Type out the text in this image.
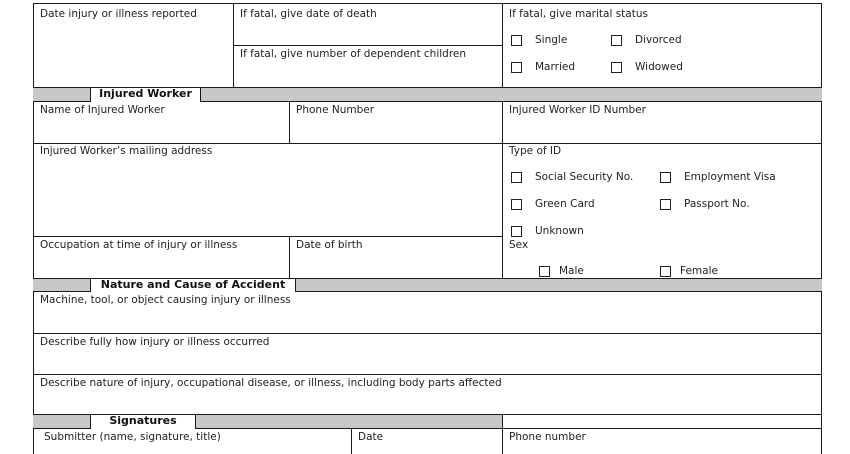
Date injury or illness reported	If fatal, give date of death
If fatal, give number of dependent children
If fatal, give marital status
Single	Divorced
Married	Widowed
Injured Worker
Name of Injured Worker	Phone Number	Injured Worker ID Number
Injured Worker’s mailing address	Type of ID
Social Security No.	Employment Visa
Green Card	Passport No.
Unknown
Occupation at time of injury or illness	Date of birth	Sex
Male	Female
Nature and Cause of Accident
Machine, tool, or object causing injury or illness
Describe fully how injury or illness occurred
Describe nature of injury, occupational disease, or illness, including body parts affected
Signatures
Submitter (name, signature, title)	Date	Phone number
